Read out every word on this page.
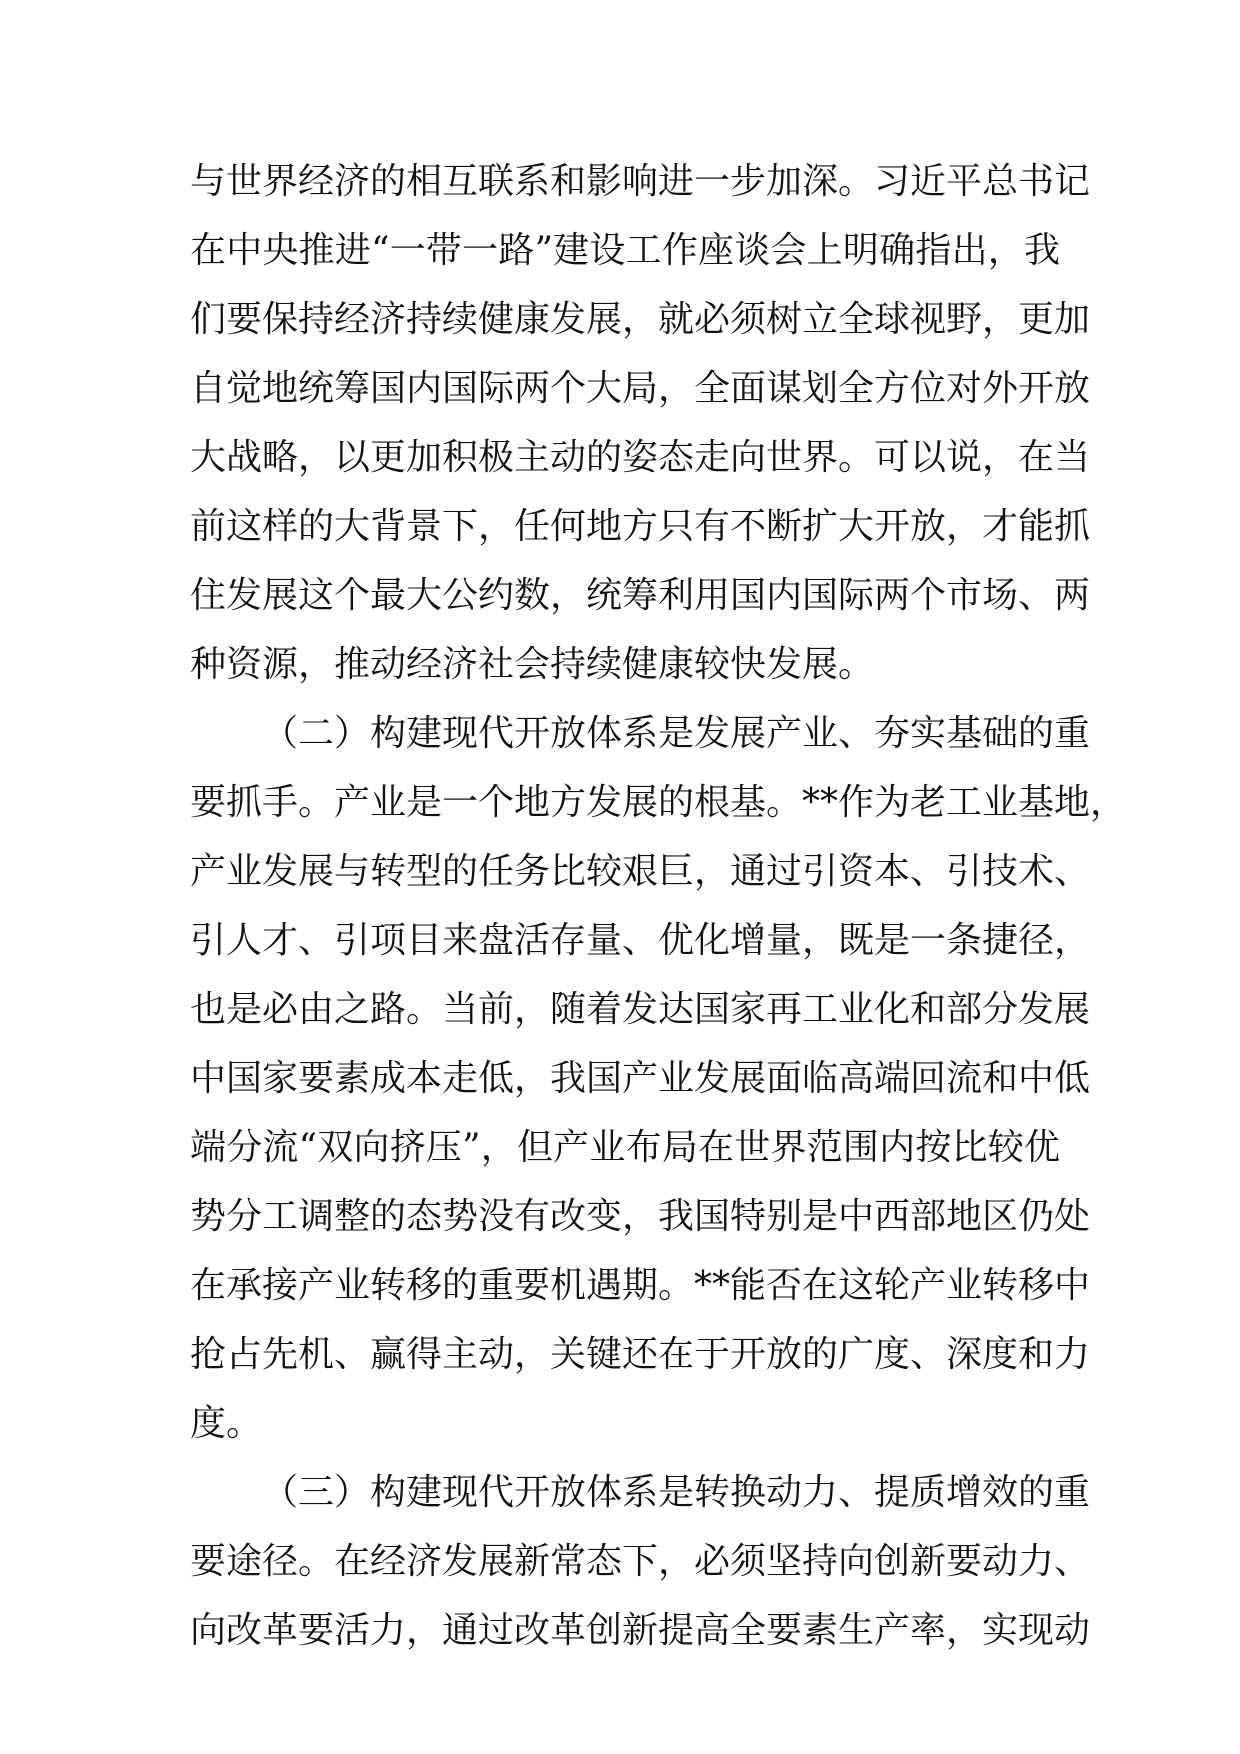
与世界经济的相互联系和影响进一步加深。习近平总书记
在中央推进“一带一路”建设工作座谈会上明确指出，我
们要保持经济持续健康发展，就必须树立全球视野，更加
自觉地统筹国内国际两个大局，全面谋划全方位对外开放
大战略，以更加积极主动的姿态走向世界。可以说，在当
前这样的大背景下，任何地方只有不断扩大开放，才能抓
住发展这个最大公约数，统筹利用国内国际两个市场、两
种资源，推动经济社会持续健康较快发展。
（二）构建现代开放体系是发展产业、夯实基础的重
要抓手。产业是一个地方发展的根基。**作为老工业基地，
产业发展与转型的任务比较艰巨，通过引资本、引技术、
引人才、引项目来盘活存量、优化增量，既是一条捷径，
也是必由之路。当前，随着发达国家再工业化和部分发展
中国家要素成本走低，我国产业发展面临高端回流和中低
端分流“双向挤压”，但产业布局在世界范围内按比较优
势分工调整的态势没有改变，我国特别是中西部地区仍处
在承接产业转移的重要机遇期。**能否在这轮产业转移中
抢占先机、赢得主动，关键还在于开放的广度、深度和力
度。
（三）构建现代开放体系是转换动力、提质增效的重
要途径。在经济发展新常态下，必须坚持向创新要动力、
向改革要活力，通过改革创新提高全要素生产率，实现动
